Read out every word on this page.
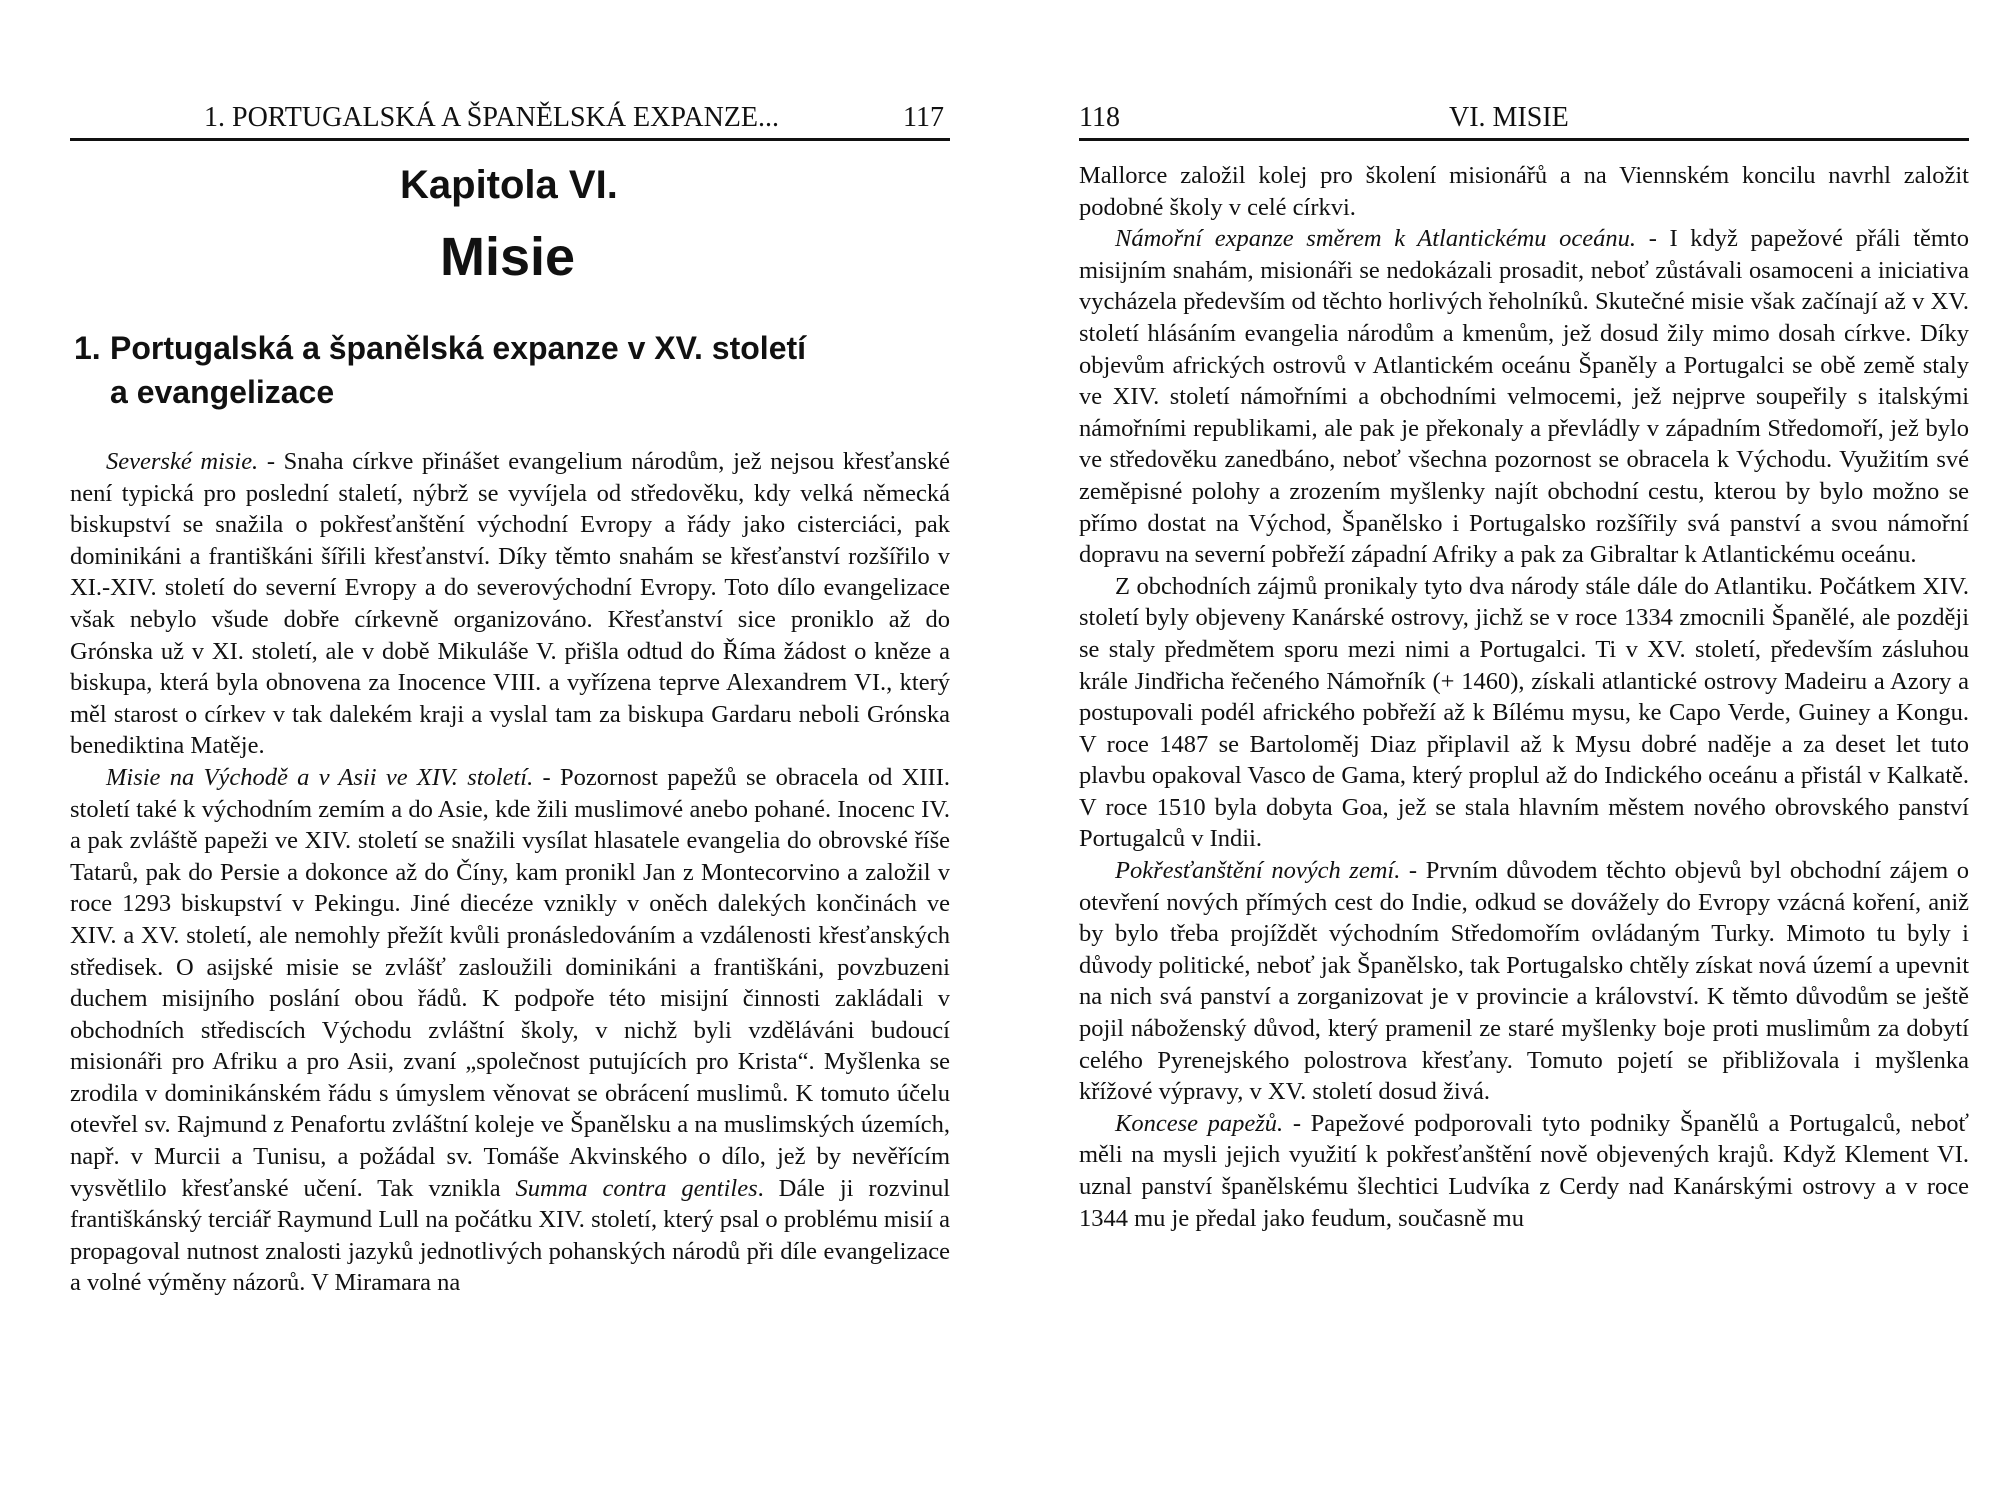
1. PORTUGALSKÁ A ŠPANĚLSKÁ EXPANZE...	117
Kapitola VI.
Misie
1. Portugalská a španělská expanze v XV. století
a evangelizace

Severské misie. - Snaha církve přinášet evangelium národům, jež nejsou křesťanské není typická pro poslední staletí, nýbrž se vyvíjela od středověku, kdy velká německá biskupství se snažila o pokřesťanštění východní Evropy a řády jako cisterciáci, pak dominikáni a františkáni šířili křesťanství. Díky těmto snahám se křesťanství rozšířilo v XI.-XIV. století do severní Evropy a do severovýchodní Evropy. Toto dílo evangelizace však nebylo všude dobře církevně organizováno. Křesťanství sice proniklo až do Grónska už v XI. století, ale v době Mikuláše V. přišla odtud do Říma žádost o kněze a biskupa, která byla obnovena za Inocence VIII. a vyřízena teprve Alexandrem VI., který měl starost o církev v tak dalekém kraji a vyslal tam za biskupa Gardaru neboli Grónska benediktina Matěje.

Misie na Východě a v Asii ve XIV. století. - Pozornost papežů se obracela od XIII. století také k východním zemím a do Asie, kde žili muslimové anebo pohané. Inocenc IV. a pak zvláště papeži ve XIV. století se snažili vysílat hlasatele evangelia do obrovské říše Tatarů, pak do Persie a dokonce až do Číny, kam pronikl Jan z Montecorvino a založil v roce 1293 biskupství v Pekingu. Jiné diecéze vznikly v oněch dalekých končinách ve XIV. a XV. století, ale nemohly přežít kvůli pronásledováním a vzdálenosti křesťanských středisek. O asijské misie se zvlášť zasloužili dominikáni a františkáni, povzbuzeni duchem misijního poslání obou řádů. K podpoře této misijní činnosti zakládali v obchodních střediscích Východu zvláštní školy, v nichž byli vzděláváni budoucí misionáři pro Afriku a pro Asii, zvaní „společnost putujících pro Krista“. Myšlenka se zrodila v dominikánském řádu s úmyslem věnovat se obrácení muslimů. K tomuto účelu otevřel sv. Rajmund z Penafortu zvláštní koleje ve Španělsku a na muslimských územích, např. v Murcii a Tunisu, a požádal sv. Tomáše Akvinského o dílo, jež by nevěřícím vysvětlilo křesťanské učení. Tak vznikla Summa contra gentiles. Dále ji rozvinul františkánský terciář Raymund Lull na počátku XIV. století, který psal o problému misií a propagoval nutnost znalosti jazyků jednotlivých pohanských národů při díle evangelizace a volné výměny názorů. V Miramara na

118	VI. MISIE

Mallorce založil kolej pro školení misionářů a na Viennském koncilu navrhl založit podobné školy v celé církvi.

Námořní expanze směrem k Atlantickému oceánu. - I když papežové přáli těmto misijním snahám, misionáři se nedokázali prosadit, neboť zůstávali osamoceni a iniciativa vycházela především od těchto horlivých řeholníků. Skutečné misie však začínají až v XV. století hlásáním evangelia národům a kmenům, jež dosud žily mimo dosah církve. Díky objevům afrických ostrovů v Atlantickém oceánu Španěly a Portugalci se obě země staly ve XIV. století námořními a obchodními velmocemi, jež nejprve soupeřily s italskými námořními republikami, ale pak je překonaly a převládly v západním Středomoří, jež bylo ve středověku zanedbáno, neboť všechna pozornost se obracela k Východu. Využitím své zeměpisné polohy a zrozením myšlenky najít obchodní cestu, kterou by bylo možno se přímo dostat na Východ, Španělsko i Portugalsko rozšířily svá panství a svou námořní dopravu na severní pobřeží západní Afriky a pak za Gibraltar k Atlantickému oceánu.

Z obchodních zájmů pronikaly tyto dva národy stále dále do Atlantiku. Počátkem XIV. století byly objeveny Kanárské ostrovy, jichž se v roce 1334 zmocnili Španělé, ale později se staly předmětem sporu mezi nimi a Portugalci. Ti v XV. století, především zásluhou krále Jindřicha řečeného Námořník (+ 1460), získali atlantické ostrovy Madeiru a Azory a postupovali podél afrického pobřeží až k Bílému mysu, ke Capo Verde, Guiney a Kongu. V roce 1487 se Bartoloměj Diaz připlavil až k Mysu dobré naděje a za deset let tuto plavbu opakoval Vasco de Gama, který proplul až do Indického oceánu a přistál v Kalkatě. V roce 1510 byla dobyta Goa, jež se stala hlavním městem nového obrovského panství Portugalců v Indii.

Pokřesťanštění nových zemí. - Prvním důvodem těchto objevů byl obchodní zájem o otevření nových přímých cest do Indie, odkud se dovážely do Evropy vzácná koření, aniž by bylo třeba projíždět východním Středomořím ovládaným Turky. Mimoto tu byly i důvody politické, neboť jak Španělsko, tak Portugalsko chtěly získat nová území a upevnit na nich svá panství a zorganizovat je v provincie a království. K těmto důvodům se ještě pojil náboženský důvod, který pramenil ze staré myšlenky boje proti muslimům za dobytí celého Pyrenejského polostrova křesťany. Tomuto pojetí se přibližovala i myšlenka křížové výpravy, v XV. století dosud živá.

Koncese papežů. - Papežové podporovali tyto podniky Španělů a Portugalců, neboť měli na mysli jejich využití k pokřesťanštění nově objevených krajů. Když Klement VI. uznal panství španělskému šlechtici Ludvíka z Cerdy nad Kanárskými ostrovy a v roce 1344 mu je předal jako feudum, současně mu
